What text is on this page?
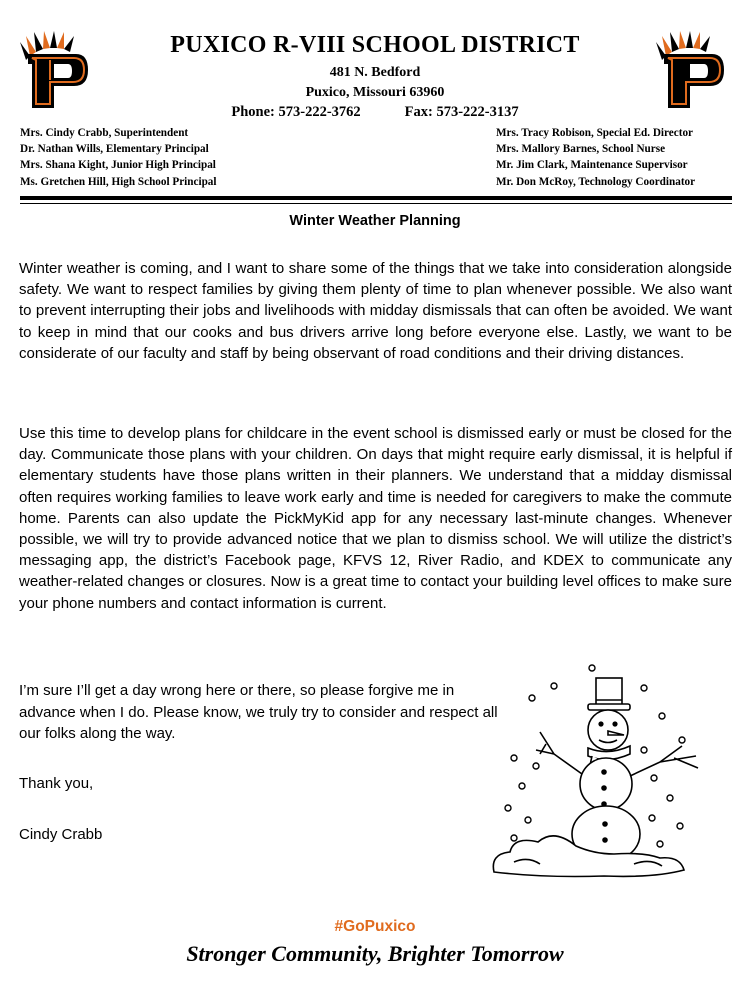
PUXICO R-VIII SCHOOL DISTRICT
481 N. Bedford
Puxico, Missouri 63960
Phone: 573-222-3762	Fax: 573-222-3137
Mrs. Cindy Crabb, Superintendent
Dr. Nathan Wills, Elementary Principal
Mrs. Shana Kight, Junior High Principal
Ms. Gretchen Hill, High School Principal
Mrs. Tracy Robison, Special Ed. Director
Mrs. Mallory Barnes, School Nurse
Mr. Jim Clark, Maintenance Supervisor
Mr. Don McRoy, Technology Coordinator
Winter Weather Planning
Winter weather is coming, and I want to share some of the things that we take into consideration alongside safety. We want to respect families by giving them plenty of time to plan whenever possible. We also want to prevent interrupting their jobs and livelihoods with midday dismissals that can often be avoided. We want to keep in mind that our cooks and bus drivers arrive long before everyone else. Lastly, we want to be considerate of our faculty and staff by being observant of road conditions and their driving distances.
Use this time to develop plans for childcare in the event school is dismissed early or must be closed for the day. Communicate those plans with your children. On days that might require early dismissal, it is helpful if elementary students have those plans written in their planners. We understand that a midday dismissal often requires working families to leave work early and time is needed for caregivers to make the commute home. Parents can also update the PickMyKid app for any necessary last-minute changes. Whenever possible, we will try to provide advanced notice that we plan to dismiss school. We will utilize the district’s messaging app, the district’s Facebook page, KFVS 12, River Radio, and KDEX to communicate any weather-related changes or closures. Now is a great time to contact your building level offices to make sure your phone numbers and contact information is current.
I’m sure I’ll get a day wrong here or there, so please forgive me in advance when I do. Please know, we truly try to consider and respect all our folks along the way.
Thank you,
Cindy Crabb
#GoPuxico
Stronger Community, Brighter Tomorrow
